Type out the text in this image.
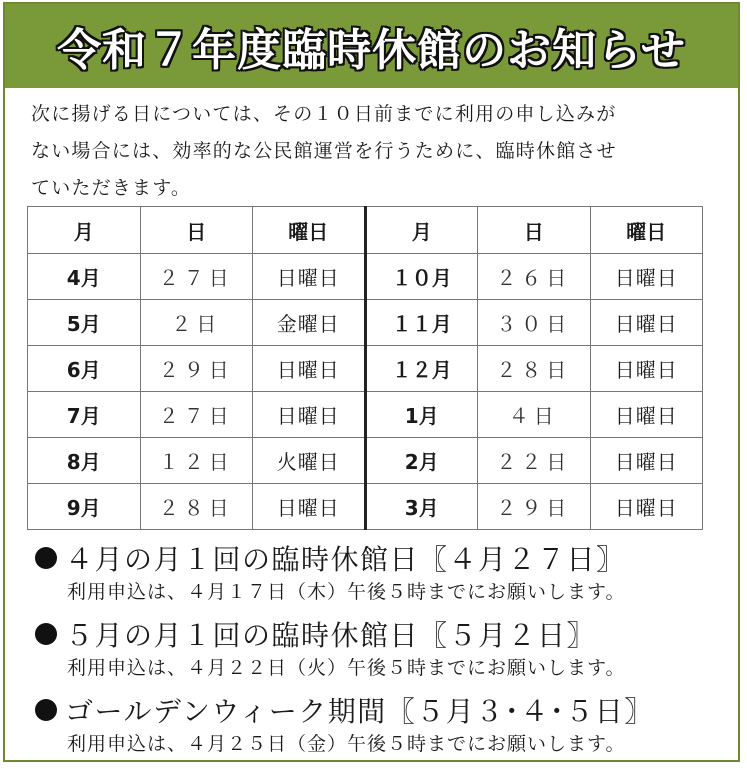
令和７年度臨時休館のお知らせ
次に揚げる日については、その１０日前までに利用の申し込みが
ない場合には、効率的な公民館運営を行うために、臨時休館させ
ていただきます。
月	日	曜日	月	日	曜日
4月	２７日	日曜日	１０月	２６日	日曜日
5月	２日	金曜日	１１月	３０日	日曜日
6月	２９日	日曜日	１２月	２８日	日曜日
7月	２７日	日曜日	1月	４日	日曜日
8月	１２日	火曜日	2月	２２日	日曜日
9月	２８日	日曜日	3月	２９日	日曜日
４月の月１回の臨時休館日〖４月２７日〗
利用申込は、４月１７日（木）午後５時までにお願いします。
５月の月１回の臨時休館日〖５月２日〗
利用申込は、４月２２日（火）午後５時までにお願いします。
ゴールデンウィーク期間〖５月３･４･５日〗
利用申込は、４月２５日（金）午後５時までにお願いします。
